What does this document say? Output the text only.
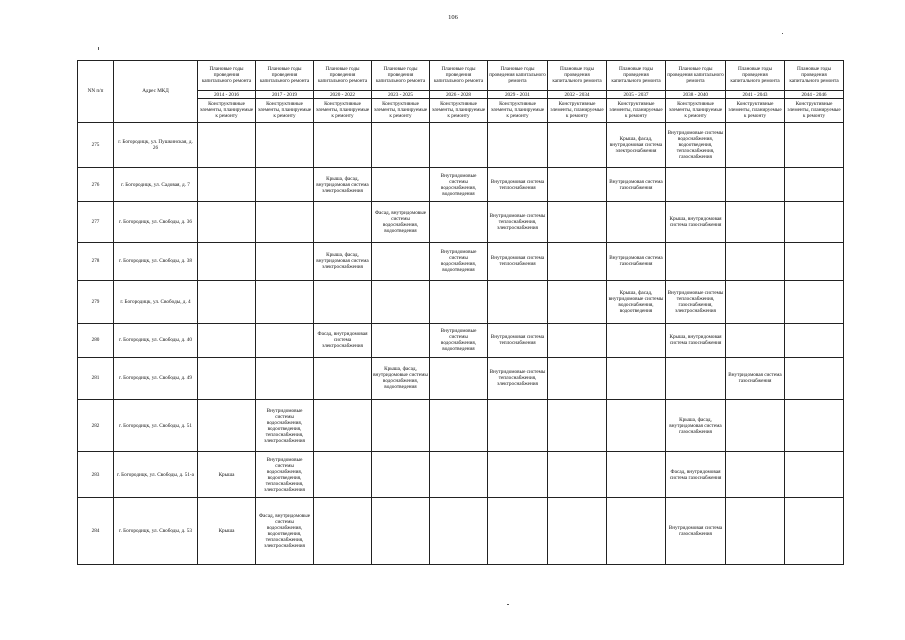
106
NN п/п	Адрес МКД	Плановые годы проведения капитального ремонта	Плановые годы проведения капитального ремонта	Плановые годы проведения капитального ремонта	Плановые годы проведения капитального ремонта	Плановые годы проведения капитального ремонта	Плановые годы проведения капитального ремонта	Плановые годы проведения капитального ремонта	Плановые годы проведения капитального ремонта	Плановые годы проведения капитального ремонта	Плановые годы проведения капитального ремонта	Плановые годы проведения капитального ремонта
		2014 - 2016	2017 - 2019	2020 - 2022	2023 - 2025	2026 - 2028	2029 - 2031	2032 - 2034	2035 - 2037	2038 - 2040	2041 - 2043	2044 - 2046
		Конструктивные элементы, планируемые к ремонту	Конструктивные элементы, планируемые к ремонту	Конструктивные элементы, планируемые к ремонту	Конструктивные элементы, планируемые к ремонту	Конструктивные элементы, планируемые к ремонту	Конструктивные элементы, планируемые к ремонту	Конструктивные элементы, планируемые к ремонту	Конструктивные элементы, планируемые к ремонту	Конструктивные элементы, планируемые к ремонту	Конструктивные элементы, планируемые к ремонту	Конструктивные элементы, планируемые к ремонту
275	г. Богородицк, ул. Пушкинская, д. 26								Крыша, фасад, внутридомовая система электроснабжения	Внутридомовые системы водоснабжения, водоотведения, теплоснабжения, газоснабжения		
276	г. Богородицк, ул. Садовая, д. 7			Крыша, фасад, внутридомовая система электроснабжения		Внутридомовые системы водоснабжения, водоотведения	Внутридомовая система теплоснабжения		Внутридомовая система газоснабжения			
277	г. Богородицк, ул. Свободы, д. 36				Фасад, внутридомовые системы водоснабжения, водоотведения		Внутридомовые системы теплоснабжения, электроснабжения			Крыша, внутридомовая система газоснабжения		
278	г. Богородицк, ул. Свободы, д. 38			Крыша, фасад, внутридомовая система электроснабжения		Внутридомовые системы водоснабжения, водоотведения	Внутридомовая система теплоснабжения		Внутридомовая система газоснабжения			
279	г. Богородицк, ул. Свободы, д. 4								Крыша, фасад, внутридомовые системы водоснабжения, водоотведения	Внутридомовые системы теплоснабжения, газоснабжения, электроснабжения		
280	г. Богородицк, ул. Свободы, д. 40			Фасад, внутридомовая система электроснабжения		Внутридомовые системы водоснабжения, водоотведения	Внутридомовая система теплоснабжения			Крыша, внутридомовая система газоснабжения		
281	г. Богородицк, ул. Свободы, д. 49				Крыша, фасад, внутридомовые системы водоснабжения, водоотведения		Внутридомовые системы теплоснабжения, электроснабжения				Внутридомовая система газоснабжения	
282	г. Богородицк, ул. Свободы, д. 51		Внутридомовые системы водоснабжения, водоотведения, теплоснабжения, электроснабжения							Крыша, фасад, внутридомовая система газоснабжения		
283	г. Богородицк, ул. Свободы, д. 51-а	Крыша	Внутридомовые системы водоснабжения, водоотведения, теплоснабжения, электроснабжения							Фасад, внутридомовая система газоснабжения		
284	г. Богородицк, ул. Свободы, д. 53	Крыша	Фасад, внутридомовые системы водоснабжения, водоотведения, теплоснабжения, электроснабжения							Внутридомовая система газоснабжения		
